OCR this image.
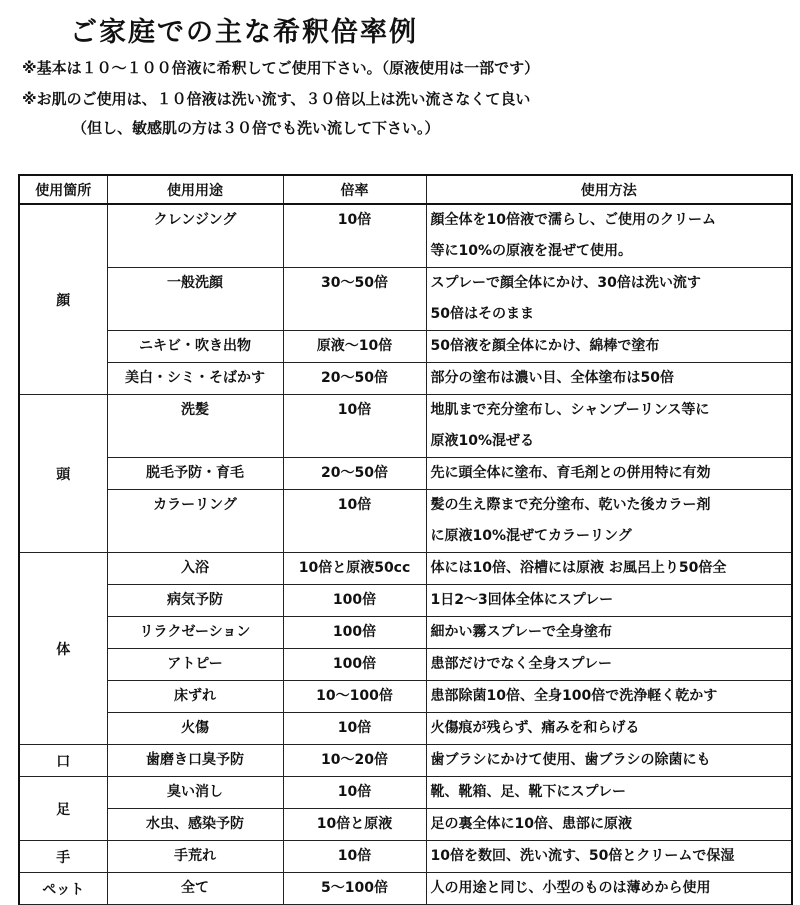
ご家庭での主な希釈倍率例
※基本は１０～１００倍液に希釈してご使用下さい。（原液使用は一部です）
※お肌のご使用は、１０倍液は洗い流す、３０倍以上は洗い流さなくて良い
（但し、敏感肌の方は３０倍でも洗い流して下さい。）
使用箇所	使用用途	倍率	使用方法
顔	クレンジング	10倍	顔全体を10倍液で濡らし、ご使用のクリーム
等に10%の原液を混ぜて使用。

	一般洗顔	30～50倍	スプレーで顔全体にかけ、30倍は洗い流す
50倍はそのまま

	ニキビ・吹き出物	原液～10倍	50倍液を顔全体にかけ、綿棒で塗布

	美白・シミ・そばかす	20～50倍	部分の塗布は濃い目、全体塗布は50倍

頭	洗髪	10倍	地肌まで充分塗布し、シャンプーリンス等に
原液10%混ぜる

	脱毛予防・育毛	20～50倍	先に頭全体に塗布、育毛剤との併用特に有効

	カラーリング	10倍	髪の生え際まで充分塗布、乾いた後カラー剤
に原液10%混ぜてカラーリング

体	入浴	10倍と原液50cc	体には10倍、浴槽には原液 お風呂上り50倍全

	病気予防	100倍	1日2～3回体全体にスプレー

	リラクゼーション	100倍	細かい霧スプレーで全身塗布

	アトピー	100倍	患部だけでなく全身スプレー

	床ずれ	10～100倍	患部除菌10倍、全身100倍で洗浄軽く乾かす

	火傷	10倍	火傷痕が残らず、痛みを和らげる

口	歯磨き口臭予防	10～20倍	歯ブラシにかけて使用、歯ブラシの除菌にも

足	臭い消し	10倍	靴、靴箱、足、靴下にスプレー

	水虫、感染予防	10倍と原液	足の裏全体に10倍、患部に原液

手	手荒れ	10倍	10倍を数回、洗い流す、50倍とクリームで保湿

ペット	全て	5～100倍	人の用途と同じ、小型のものは薄めから使用
